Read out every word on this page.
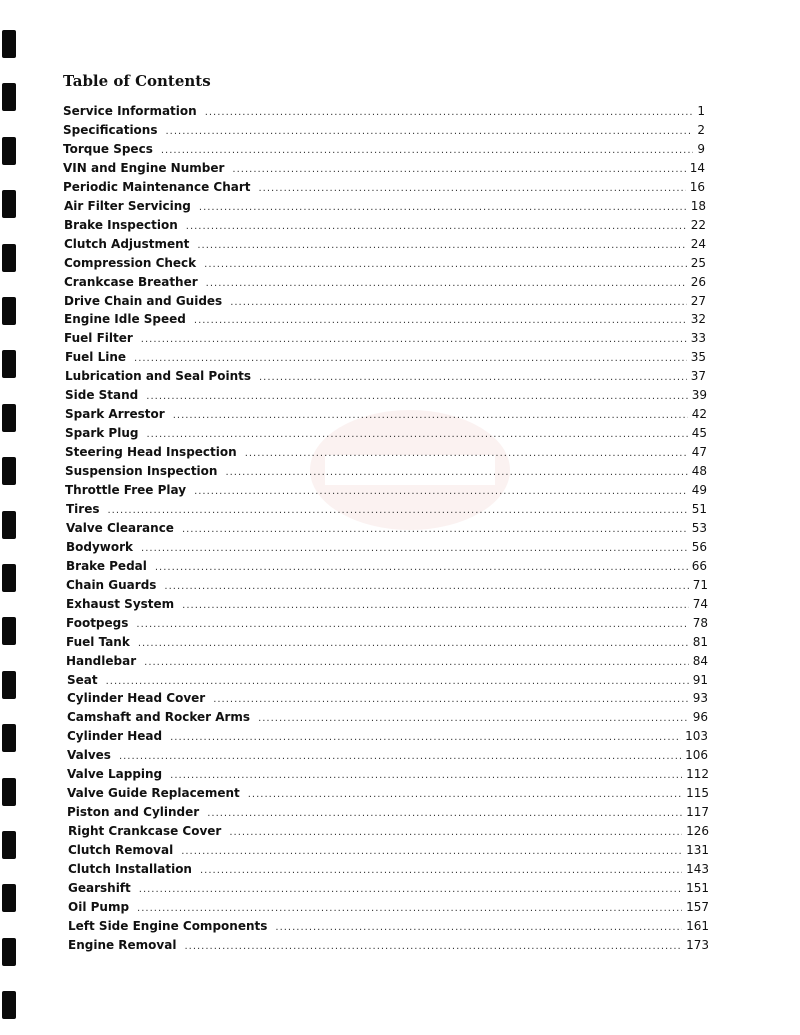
Table of Contents
Service Information .....	1
Specifications .....	2
Torque Specs .....	9
VIN and Engine Number .....	14
Periodic Maintenance Chart .....	16
Air Filter Servicing .....	18
Brake Inspection .....	22
Clutch Adjustment .....	24
Compression Check .....	25
Crankcase Breather .....	26
Drive Chain and Guides .....	27
Engine Idle Speed .....	32
Fuel Filter .....	33
Fuel Line .....	35
Lubrication and Seal Points .....	37
Side Stand .....	39
Spark Arrestor .....	42
Spark Plug .....	45
Steering Head Inspection .....	47
Suspension Inspection .....	48
Throttle Free Play .....	49
Tires .....	51
Valve Clearance .....	53
Bodywork .....	56
Brake Pedal .....	66
Chain Guards .....	71
Exhaust System .....	74
Footpegs .....	78
Fuel Tank .....	81
Handlebar .....	84
Seat .....	91
Cylinder Head Cover .....	93
Camshaft and Rocker Arms .....	96
Cylinder Head .....	103
Valves .....	106
Valve Lapping .....	112
Valve Guide Replacement .....	115
Piston and Cylinder .....	117
Right Crankcase Cover .....	126
Clutch Removal .....	131
Clutch Installation .....	143
Gearshift .....	151
Oil Pump .....	157
Left Side Engine Components .....	161
Engine Removal .....	173
